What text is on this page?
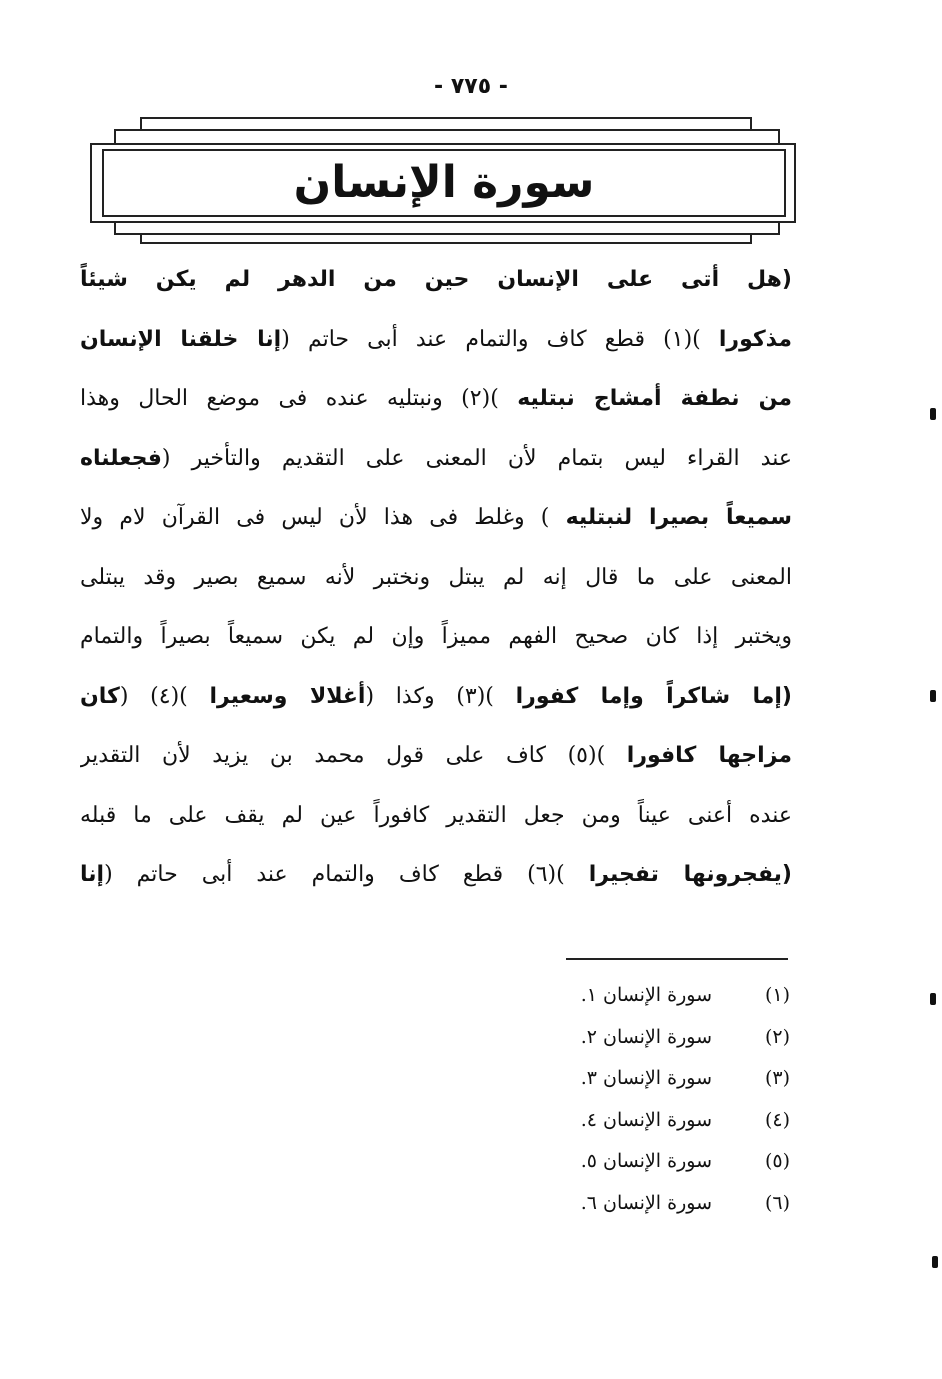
- ٧٧٥ -
سورة الإنسان
(هل أتى على الإنسان حين من الدهر لم يكن شيئاً
مذكورا )(١) قطع كاف والتمام عند أبى حاتم (إنا خلقنا الإنسان
من نطفة أمشاج نبتليه )(٢) ونبتليه عنده فى موضع الحال وهذا
عند القراء ليس بتمام لأن المعنى على التقديم والتأخير (فجعلناه
سميعاً بصيرا لنبتليه ) وغلط فى هذا لأن ليس فى القرآن لام ولا
المعنى على ما قال إنه لم يبتل ونختبر لأنه سميع بصير وقد يبتلى
ويختبر إذا كان صحيح الفهم مميزاً وإن لم يكن سميعاً بصيراً والتمام
(إما شاكراً وإما كفورا )(٣) وكذا (أغلالا وسعيرا )(٤) (كان
مزاجها كافورا )(٥) كاف على قول محمد بن يزيد لأن التقدير
عنده أعنى عيناً ومن جعل التقدير كافوراً عين لم يقف على ما قبله
(يفجرونها تفجيرا )(٦) قطع كاف والتمام عند أبى حاتم (إنا
(١)
سورة الإنسان ١.
(٢)
سورة الإنسان ٢.
(٣)
سورة الإنسان ٣.
(٤)
سورة الإنسان ٤.
(٥)
سورة الإنسان ٥.
(٦)
سورة الإنسان ٦.
